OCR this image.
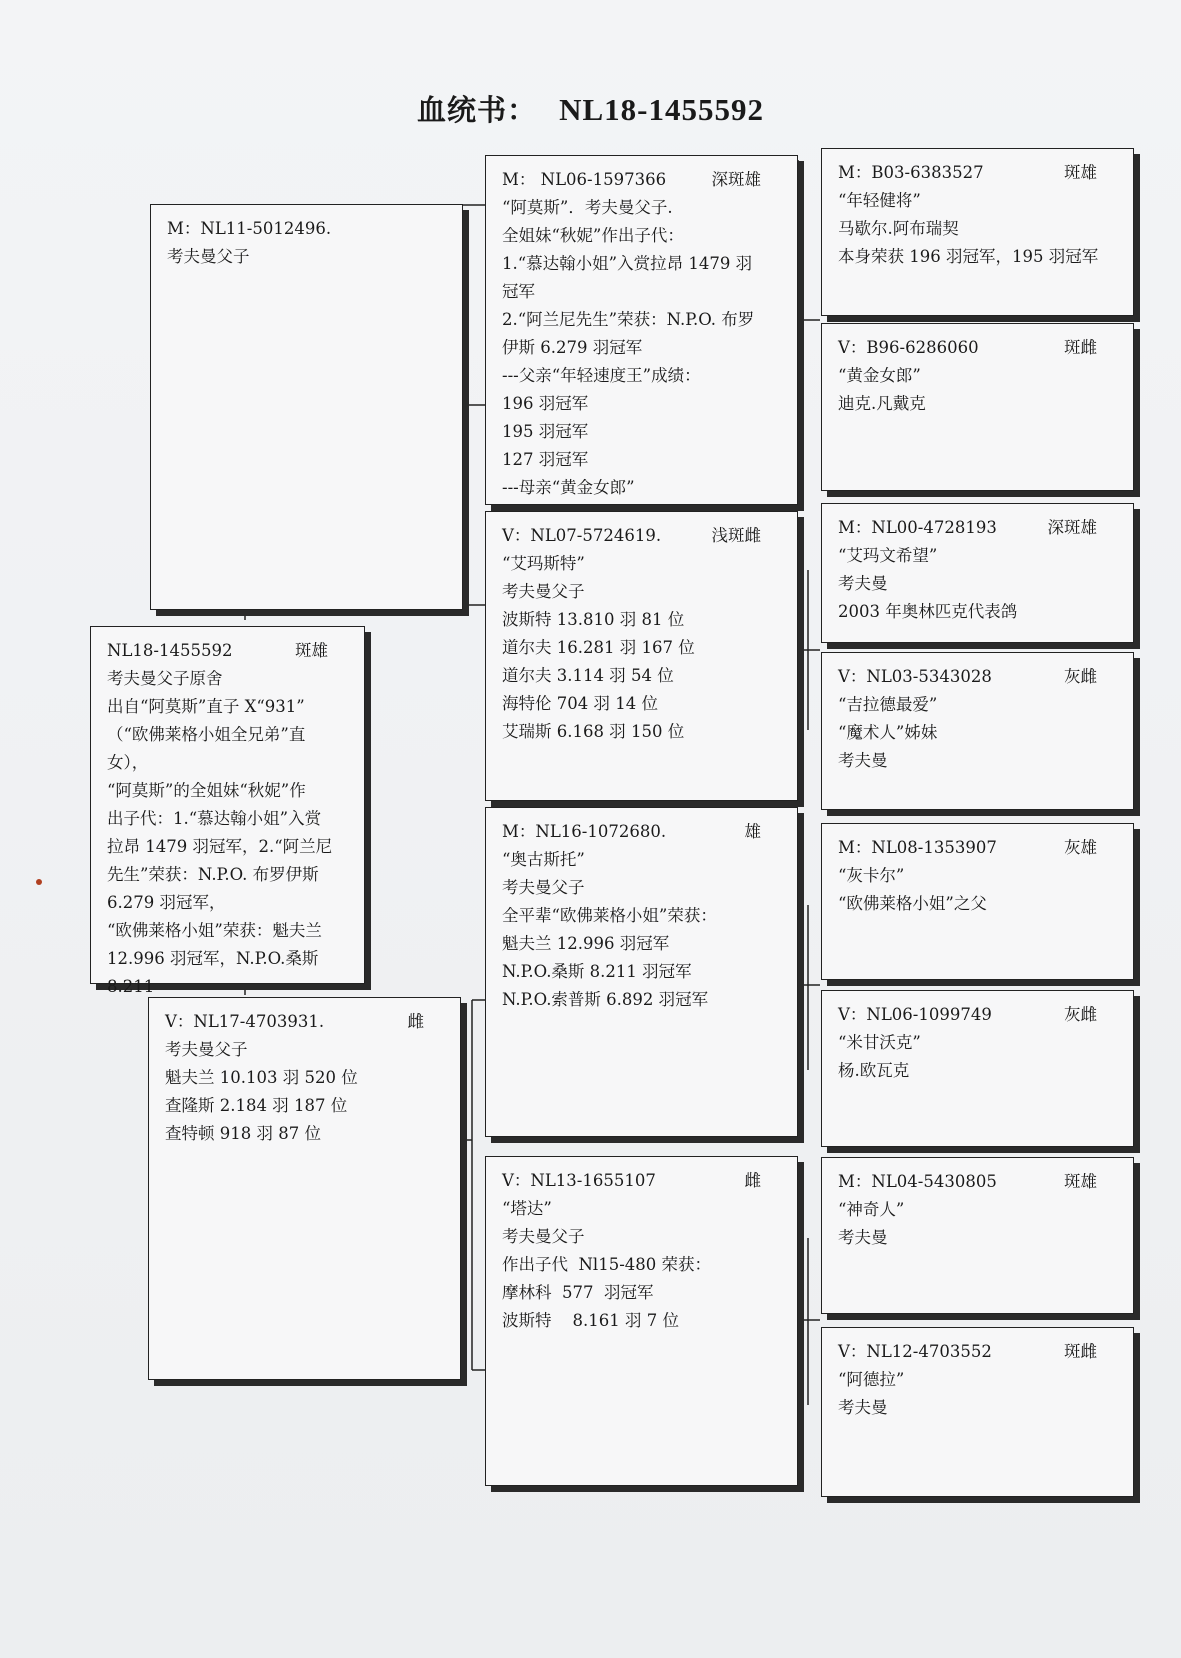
血统书： NL18-1455592
NL18-1455592	斑雄
考夫曼父子原舍
出自“阿莫斯”直子 X“931”
（“欧佛莱格小姐全兄弟”直
女），
“阿莫斯”的全姐妹“秋妮”作
出子代：1.“慕达翰小姐”入赏
拉昂 1479 羽冠军，2.“阿兰尼
先生”荣获：N.P.O. 布罗伊斯
6.279 羽冠军，
“欧佛莱格小姐”荣获：魁夫兰
12.996 羽冠军，N.P.O.桑斯 8.211
M：NL11-5012496.
考夫曼父子
V：NL17-4703931.	雌
考夫曼父子
魁夫兰 10.103 羽 520 位
查隆斯 2.184 羽 187 位
查特顿 918 羽 87 位
M： NL06-1597366	深斑雄
“阿莫斯”．考夫曼父子.
全姐妹“秋妮”作出子代：
1.“慕达翰小姐”入赏拉昂 1479 羽
冠军
2.“阿兰尼先生”荣获：N.P.O. 布罗
伊斯 6.279 羽冠军
---父亲“年轻速度王”成绩：
196 羽冠军
195 羽冠军
127 羽冠军
---母亲“黄金女郎”
V：NL07-5724619.	浅斑雌
“艾玛斯特”
考夫曼父子
波斯特 13.810 羽 81 位
道尔夫 16.281 羽 167 位
道尔夫 3.114 羽 54 位
海特伦 704 羽 14 位
艾瑞斯 6.168 羽 150 位
M：NL16-1072680.	雄
“奥古斯托”
考夫曼父子
全平辈“欧佛莱格小姐”荣获：
魁夫兰 12.996 羽冠军
N.P.O.桑斯 8.211 羽冠军
N.P.O.索普斯 6.892 羽冠军
V：NL13-1655107	雌
“塔达”
考夫曼父子
作出子代  Nl15-480 荣获：
摩林科  577  羽冠军
波斯特    8.161 羽 7 位
M：B03-6383527	斑雄
“年轻健将”
马歇尔.阿布瑞契
本身荣获 196 羽冠军，195 羽冠军
V：B96-6286060	斑雌
“黄金女郎”
迪克.凡戴克
M：NL00-4728193	深斑雄
“艾玛文希望”
考夫曼
2003 年奥林匹克代表鸽
V：NL03-5343028	灰雌
“吉拉德最爱”
“魔术人”姊妹
考夫曼
M：NL08-1353907	灰雄
“灰卡尔”
“欧佛莱格小姐”之父
V：NL06-1099749	灰雌
“米甘沃克”
杨.欧瓦克
M：NL04-5430805	斑雄
“神奇人”
考夫曼
V：NL12-4703552	斑雌
“阿德拉”
考夫曼
